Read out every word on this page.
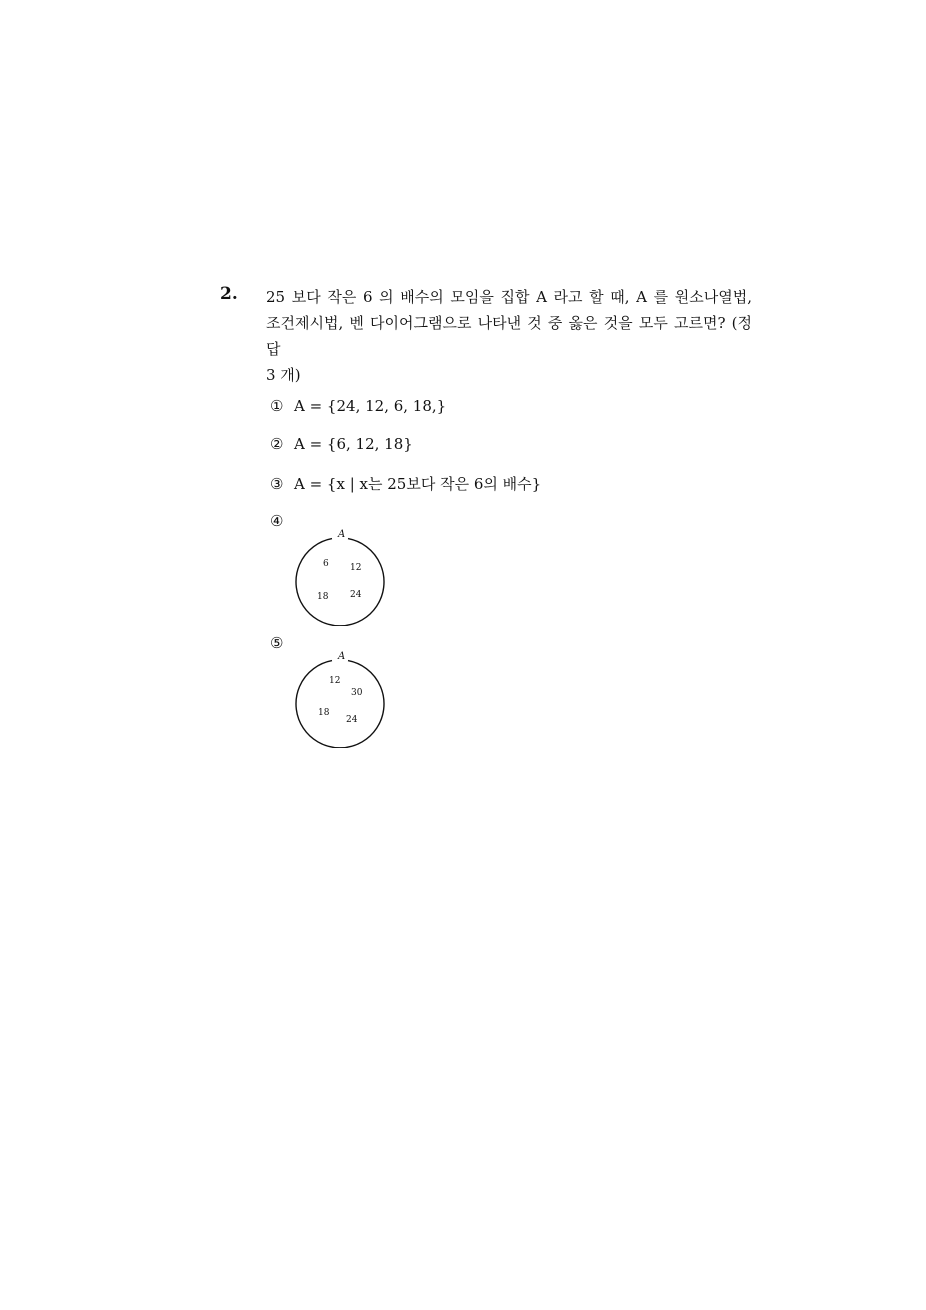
2. 25 보다 작은 6 의 배수의 모임을 집합 A 라고 할 때, A 를 원소나열법,
조건제시법, 벤 다이어그램으로 나타낸 것 중 옳은 것을 모두 고르면? (정답
3 개)
① A = {24, 12, 6, 18,}
② A = {6, 12, 18}
③ A = {x | x는 25보다 작은 6의 배수}
④
A
6 12
18 24
⑤
A
12
30
18
24
